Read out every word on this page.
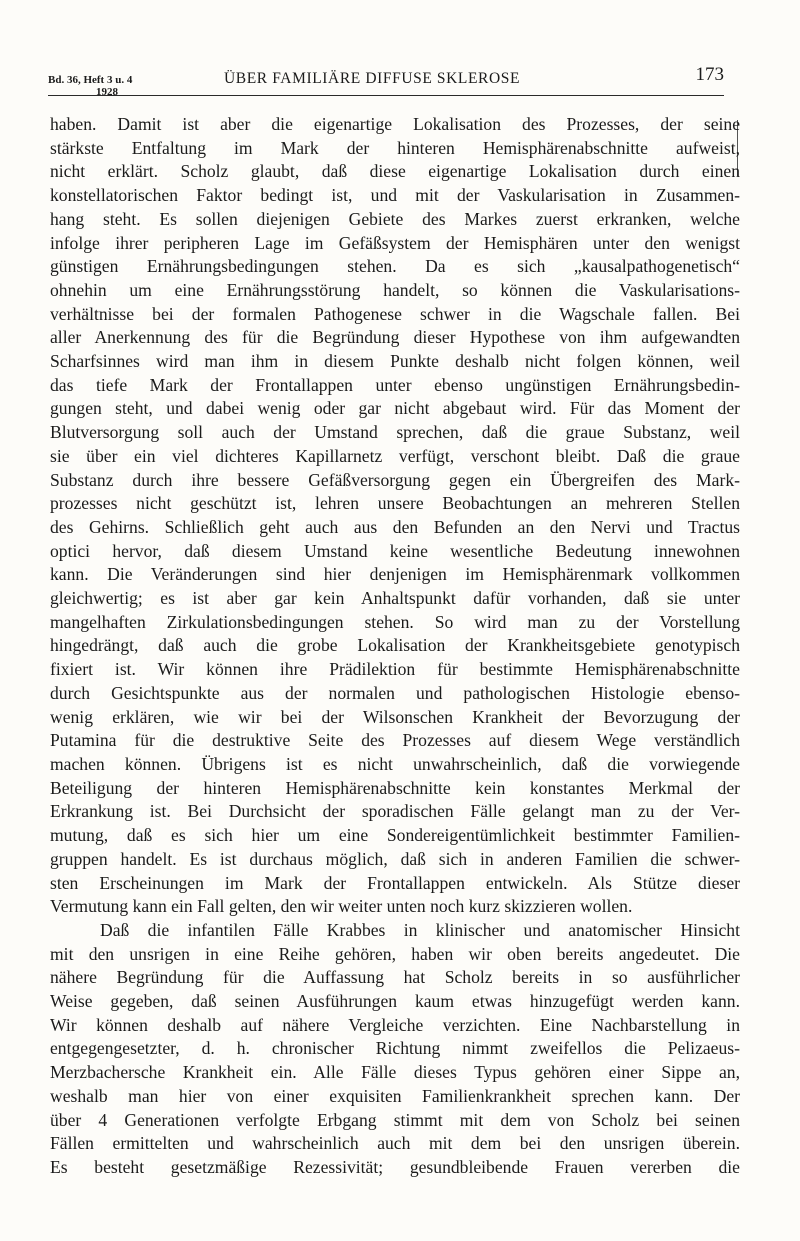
Bd. 36, Heft 3 u. 4
1928
ÜBER FAMILIÄRE DIFFUSE SKLEROSE	173
haben. Damit ist aber die eigenartige Lokalisation des Prozesses, der seine
stärkste Entfaltung im Mark der hinteren Hemisphärenabschnitte aufweist,
nicht erklärt. Scholz glaubt, daß diese eigenartige Lokalisation durch einen
konstellatorischen Faktor bedingt ist, und mit der Vaskularisation in Zusammen-
hang steht. Es sollen diejenigen Gebiete des Markes zuerst erkranken, welche
infolge ihrer peripheren Lage im Gefäßsystem der Hemisphären unter den wenigst
günstigen Ernährungsbedingungen stehen. Da es sich „kausalpathogenetisch“
ohnehin um eine Ernährungsstörung handelt, so können die Vaskularisations-
verhältnisse bei der formalen Pathogenese schwer in die Wagschale fallen. Bei
aller Anerkennung des für die Begründung dieser Hypothese von ihm aufgewandten
Scharfsinnes wird man ihm in diesem Punkte deshalb nicht folgen können, weil
das tiefe Mark der Frontallappen unter ebenso ungünstigen Ernährungsbedin-
gungen steht, und dabei wenig oder gar nicht abgebaut wird. Für das Moment der
Blutversorgung soll auch der Umstand sprechen, daß die graue Substanz, weil
sie über ein viel dichteres Kapillarnetz verfügt, verschont bleibt. Daß die graue
Substanz durch ihre bessere Gefäßversorgung gegen ein Übergreifen des Mark-
prozesses nicht geschützt ist, lehren unsere Beobachtungen an mehreren Stellen
des Gehirns. Schließlich geht auch aus den Befunden an den Nervi und Tractus
optici hervor, daß diesem Umstand keine wesentliche Bedeutung innewohnen
kann. Die Veränderungen sind hier denjenigen im Hemisphärenmark vollkommen
gleichwertig; es ist aber gar kein Anhaltspunkt dafür vorhanden, daß sie unter
mangelhaften Zirkulationsbedingungen stehen. So wird man zu der Vorstellung
hingedrängt, daß auch die grobe Lokalisation der Krankheitsgebiete genotypisch
fixiert ist. Wir können ihre Prädilektion für bestimmte Hemisphärenabschnitte
durch Gesichtspunkte aus der normalen und pathologischen Histologie ebenso-
wenig erklären, wie wir bei der Wilsonschen Krankheit der Bevorzugung der
Putamina für die destruktive Seite des Prozesses auf diesem Wege verständlich
machen können. Übrigens ist es nicht unwahrscheinlich, daß die vorwiegende
Beteiligung der hinteren Hemisphärenabschnitte kein konstantes Merkmal der
Erkrankung ist. Bei Durchsicht der sporadischen Fälle gelangt man zu der Ver-
mutung, daß es sich hier um eine Sondereigentümlichkeit bestimmter Familien-
gruppen handelt. Es ist durchaus möglich, daß sich in anderen Familien die schwer-
sten Erscheinungen im Mark der Frontallappen entwickeln. Als Stütze dieser
Vermutung kann ein Fall gelten, den wir weiter unten noch kurz skizzieren wollen.
Daß die infantilen Fälle Krabbes in klinischer und anatomischer Hinsicht
mit den unsrigen in eine Reihe gehören, haben wir oben bereits angedeutet. Die
nähere Begründung für die Auffassung hat Scholz bereits in so ausführlicher
Weise gegeben, daß seinen Ausführungen kaum etwas hinzugefügt werden kann.
Wir können deshalb auf nähere Vergleiche verzichten. Eine Nachbarstellung in
entgegengesetzter, d. h. chronischer Richtung nimmt zweifellos die Pelizaeus-
Merzbachersche Krankheit ein. Alle Fälle dieses Typus gehören einer Sippe an,
weshalb man hier von einer exquisiten Familienkrankheit sprechen kann. Der
über 4 Generationen verfolgte Erbgang stimmt mit dem von Scholz bei seinen
Fällen ermittelten und wahrscheinlich auch mit dem bei den unsrigen überein.
Es besteht gesetzmäßige Rezessivität; gesundbleibende Frauen vererben die
